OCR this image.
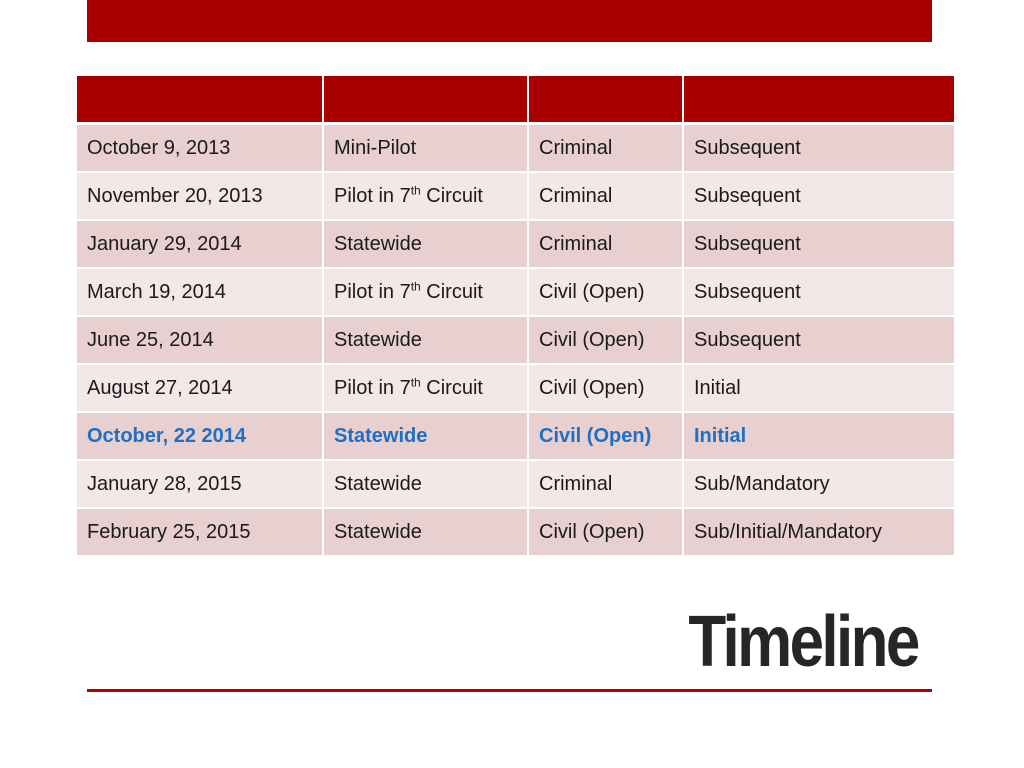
October 9, 2013	Mini-Pilot	Criminal	Subsequent
November 20, 2013	Pilot in 7th Circuit	Criminal	Subsequent
January 29, 2014	Statewide	Criminal	Subsequent
March 19, 2014	Pilot in 7th Circuit	Civil (Open)	Subsequent
June 25, 2014	Statewide	Civil (Open)	Subsequent
August 27, 2014	Pilot in 7th Circuit	Civil (Open)	Initial
October, 22 2014	Statewide	Civil (Open)	Initial
January 28, 2015	Statewide	Criminal	Sub/Mandatory
February 25, 2015	Statewide	Civil (Open)	Sub/Initial/Mandatory
Timeline
